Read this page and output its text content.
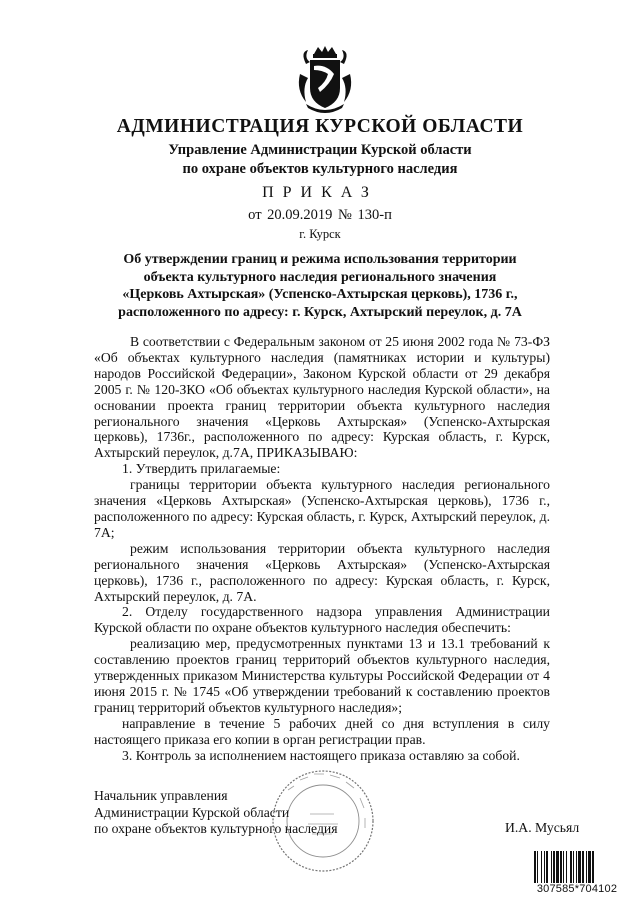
АДМИНИСТРАЦИЯ КУРСКОЙ ОБЛАСТИ
Управление Администрации Курской области
по охране объектов культурного наследия
ПРИКАЗ
от 20.09.2019 № 130-п
г. Курск
Об утверждении границ и режима использования территории
объекта культурного наследия регионального значения
«Церковь Ахтырская» (Успенско-Ахтырская церковь), 1736 г.,
расположенного по адресу: г. Курск, Ахтырский переулок, д. 7А

В соответствии с Федеральным законом от 25 июня 2002 года № 73-ФЗ «Об объектах культурного наследия (памятниках истории и культуры) народов Российской Федерации», Законом Курской области от 29 декабря 2005 г. № 120-ЗКО «Об объектах культурного наследия Курской области», на основании проекта границ территории объекта культурного наследия регионального значения «Церковь Ахтырская» (Успенско-Ахтырская церковь), 1736г., расположенного по адресу: Курская область, г. Курск, Ахтырский переулок, д.7А, ПРИКАЗЫВАЮ:

1. Утвердить прилагаемые:

границы территории объекта культурного наследия регионального значения «Церковь Ахтырская» (Успенско-Ахтырская церковь), 1736 г., расположенного по адресу: Курская область, г. Курск, Ахтырский переулок, д. 7А;

режим использования территории объекта культурного наследия регионального значения «Церковь Ахтырская» (Успенско-Ахтырская церковь), 1736 г., расположенного по адресу: Курская область, г. Курск, Ахтырский переулок, д. 7А.

2. Отделу государственного надзора управления Администрации Курской области по охране объектов культурного наследия обеспечить:

реализацию мер, предусмотренных пунктами 13 и 13.1 требований к составлению проектов границ территорий объектов культурного наследия, утвержденных приказом Министерства культуры Российской Федерации от 4 июня 2015 г. № 1745 «Об утверждении требований к составлению проектов границ территорий объектов культурного наследия»;

направление в течение 5 рабочих дней со дня вступления в силу настоящего приказа его копии в орган регистрации прав.

3. Контроль за исполнением настоящего приказа оставляю за собой.

Начальник управления
Администрации Курской области
по охране объектов культурного наследия	И.А. Мусьял
307585*704102
